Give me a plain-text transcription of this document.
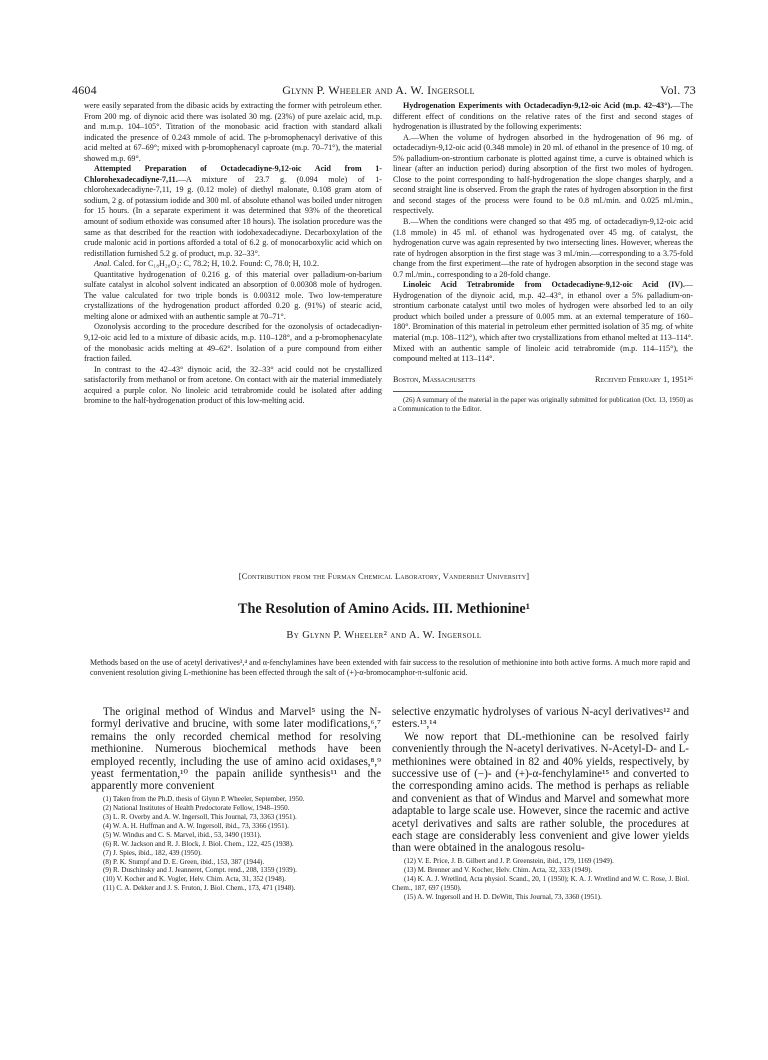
4604	Glynn P. Wheeler and A. W. Ingersoll	Vol. 73

were easily separated from the dibasic acids by extracting the former with petroleum ether. From 200 mg. of diynoic acid there was isolated 30 mg. (23%) of pure azelaic acid, m.p. and m.m.p. 104–105°. Titration of the monobasic acid fraction with standard alkali indicated the presence of 0.243 mmole of acid. The p-bromophenacyl derivative of this acid melted at 67–69°; mixed with p-bromophenacyl caproate (m.p. 70–71°), the material showed m.p. 69°.

Attempted Preparation of Octadecadiyne-9,12-oic Acid from 1-Chlorohexadecadiyne-7,11.—A mixture of 23.7 g. (0.094 mole) of 1-chlorohexadecadiyne-7,11, 19 g. (0.12 mole) of diethyl malonate, 0.108 gram atom of sodium, 2 g. of potassium iodide and 300 ml. of absolute ethanol was boiled under nitrogen for 15 hours. (In a separate experiment it was determined that 93% of the theoretical amount of sodium ethoxide was consumed after 18 hours). The isolation procedure was the same as that described for the reaction with iodohexadecadiyne. Decarboxylation of the crude malonic acid in portions afforded a total of 6.2 g. of monocarboxylic acid which on redistillation furnished 5.2 g. of product, m.p. 32–33°.

Anal. Calcd. for C₁₈H₂₈O₂: C, 78.2; H, 10.2. Found: C, 78.0; H, 10.2.

Quantitative hydrogenation of 0.216 g. of this material over palladium-on-barium sulfate catalyst in alcohol solvent indicated an absorption of 0.00308 mole of hydrogen. The value calculated for two triple bonds is 0.00312 mole. Two low-temperature crystallizations of the hydrogenation product afforded 0.20 g. (91%) of stearic acid, melting alone or admixed with an authentic sample at 70–71°.

Ozonolysis according to the procedure described for the ozonolysis of octadecadiyn-9,12-oic acid led to a mixture of dibasic acids, m.p. 110–128°, and a p-bromophenacylate of the monobasic acids melting at 49–62°. Isolation of a pure compound from either fraction failed.

In contrast to the 42–43° diynoic acid, the 32–33° acid could not be crystallized satisfactorily from methanol or from acetone. On contact with air the material immediately acquired a purple color. No linoleic acid tetrabromide could be isolated after adding bromine to the half-hydrogenation product of this low-melting acid.

Hydrogenation Experiments with Octadecadiyn-9,12-oic Acid (m.p. 42–43°).—The different effect of conditions on the relative rates of the first and second stages of hydrogenation is illustrated by the following experiments:

A.—When the volume of hydrogen absorbed in the hydrogenation of 96 mg. of octadecadiyn-9,12-oic acid (0.348 mmole) in 20 ml. of ethanol in the presence of 10 mg. of 5% palladium-on-strontium carbonate is plotted against time, a curve is obtained which is linear (after an induction period) during absorption of the first two moles of hydrogen. Close to the point corresponding to half-hydrogenation the slope changes sharply, and a second straight line is observed. From the graph the rates of hydrogen absorption in the first and second stages of the process were found to be 0.8 ml./min. and 0.025 ml./min., respectively.

B.—When the conditions were changed so that 495 mg. of octadecadiyn-9,12-oic acid (1.8 mmole) in 45 ml. of ethanol was hydrogenated over 45 mg. of catalyst, the hydrogenation curve was again represented by two intersecting lines. However, whereas the rate of hydrogen absorption in the first stage was 3 ml./min.—corresponding to a 3.75-fold change from the first experiment—the rate of hydrogen absorption in the second stage was 0.7 ml./min., corresponding to a 28-fold change.

Linoleic Acid Tetrabromide from Octadecadiyne-9,12-oic Acid (IV).—Hydrogenation of the diynoic acid, m.p. 42–43°, in ethanol over a 5% palladium-on-strontium carbonate catalyst until two moles of hydrogen were absorbed led to an oily product which boiled under a pressure of 0.005 mm. at an external temperature of 160–180°. Bromination of this material in petroleum ether permitted isolation of 35 mg. of white material (m.p. 108–112°), which after two crystallizations from ethanol melted at 113–114°. Mixed with an authentic sample of linoleic acid tetrabromide (m.p. 114–115°), the compound melted at 113–114°.

Boston, Massachusetts	Received February 1, 1951²⁶

(26) A summary of the material in the paper was originally submitted for publication (Oct. 13, 1950) as a Communication to the Editor.

[Contribution from the Furman Chemical Laboratory, Vanderbilt University]
The Resolution of Amino Acids. III. Methionine¹
By Glynn P. Wheeler² and A. W. Ingersoll

Methods based on the use of acetyl derivatives³,⁴ and α-fenchylamines have been extended with fair success to the resolution of methionine into both active forms. A much more rapid and convenient resolution giving L-methionine has been effected through the salt of (+)-α-bromocamphor-π-sulfonic acid.

The original method of Windus and Marvel⁵ using the N-formyl derivative and brucine, with some later modifications,⁶,⁷ remains the only recorded chemical method for resolving methionine. Numerous biochemical methods have been employed recently, including the use of amino acid oxidases,⁸,⁹ yeast fermentation,¹⁰ the papain anilide synthesis¹¹ and the apparently more convenient

(1) Taken from the Ph.D. thesis of Glynn P. Wheeler, September, 1950.

(2) National Institutes of Health Predoctorate Fellow, 1948–1950.

(3) L. R. Overby and A. W. Ingersoll, This Journal, 73, 3363 (1951).

(4) W. A. H. Huffman and A. W. Ingersoll, ibid., 73, 3366 (1951).

(5) W. Windus and C. S. Marvel, ibid., 53, 3490 (1931).

(6) R. W. Jackson and R. J. Block, J. Biol. Chem., 122, 425 (1938).

(7) J. Spies, ibid., 182, 439 (1950).

(8) P. K. Stumpf and D. E. Green, ibid., 153, 387 (1944).

(9) R. Duschinsky and J. Jeanneret, Compt. rend., 208, 1359 (1939).

(10) V. Kocher and K. Vogler, Helv. Chim. Acta, 31, 352 (1948).

(11) C. A. Dekker and J. S. Fruton, J. Biol. Chem., 173, 471 (1948).

selective enzymatic hydrolyses of various N-acyl derivatives¹² and esters.¹³,¹⁴

We now report that DL-methionine can be resolved fairly conveniently through the N-acetyl derivatives. N-Acetyl-D- and L-methionines were obtained in 82 and 40% yields, respectively, by successive use of (−)- and (+)-α-fenchylamine¹⁵ and converted to the corresponding amino acids. The method is perhaps as reliable and convenient as that of Windus and Marvel and somewhat more adaptable to large scale use. However, since the racemic and active acetyl derivatives and salts are rather soluble, the procedures at each stage are considerably less convenient and give lower yields than were obtained in the analogous resolu-

(12) V. E. Price, J. B. Gilbert and J. P. Greenstein, ibid., 179, 1169 (1949).

(13) M. Brenner and V. Kocher, Helv. Chim. Acta, 32, 333 (1949).

(14) K. A. J. Wretlind, Acta physiol. Scand., 20, 1 (1950); K. A. J. Wretlind and W. C. Rose, J. Biol. Chem., 187, 697 (1950).

(15) A. W. Ingersoll and H. D. DeWitt, This Journal, 73, 3360 (1951).
